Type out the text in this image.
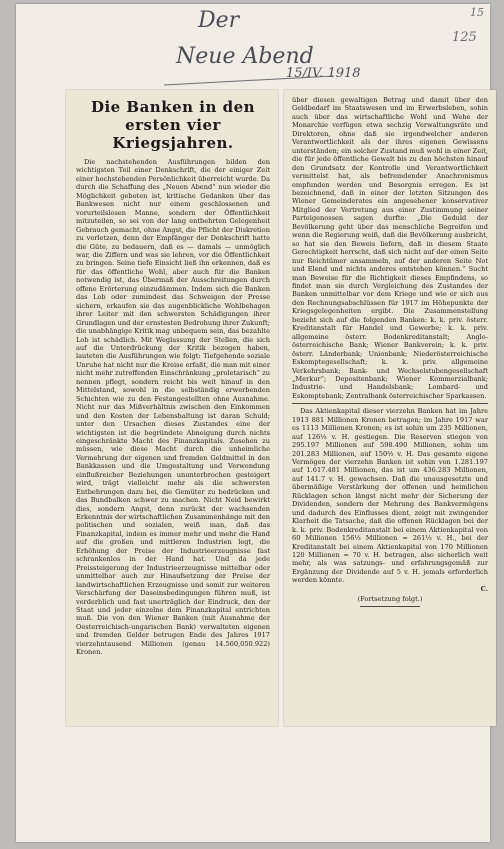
15
Der
125
Neue Abend
15/IV. 1918
Die Banken in den ersten vier Kriegsjahren.

Die nachstehenden Ausführungen bilden den wichtigsten Teil einer Denkschrift, die der einiger Zeit einer hochstehenden Persönlichkeit überreicht wurde. Da durch die Schaffung des „Neuen Abend“ nun wieder die Möglichkeit geboten ist, kritische Gedanken über das Bankwesen nicht nur einem geschlossenen und vorurteilslosen Manne, sondern der Öffentlichkeit mitzuteilen, so sei von der lang entbehrten Gelegenheit Gebrauch gemacht, ohne Angst, die Pflicht der Diskretion zu verletzen, denn der Empfänger der Denkschrift hatte die Güte, zu bedauern, daß es — damals — unmöglich war, die Ziffern und was sie lehren, vor die Öffentlichkeit zu bringen. Seine tiefe Einsicht ließ ihn erkennen, daß es für das öffentliche Wohl, aber auch für die Banken notwendig ist, das Übermaß der Ausschreitungen durch offene Erörterung einzudämmen. Indem sich die Banken das Lob oder zumindest das Schweigen der Presse sichern, erkaufen sie das augenblickliche Wohlbehagen ihrer Leiter mit den schwersten Schädigungen ihrer Grundlagen und der ernstesten Bedrohung ihrer Zukunft; die unabhängige Kritik mag unbequem sein, das bezahlte Lob ist schädlich. Mit Weglassung der Stellen, die sich auf die Unterdrückung der Kritik bezogen haben, lauteten die Ausführungen wie folgt: Tiefgehende soziale Unruhe hat nicht nur die Kreise erfaßt, die man mit einer nicht mehr zutreffenden Einschränkung „proletarisch“ zu nennen pflegt, sondern reicht bis weit hinauf in den Mittelstand, sowohl in die selbständig erwerbenden Schichten wie zu den Festangestellten ohne Ausnahme. Nicht nur das Mißverhältnis zwischen den Einkommen und den Kosten der Lebenshaltung ist daran Schuld; unter den Ursachen dieses Zustandes eine der wichtigsten ist die begründete Abneigung durch nichts eingeschränkte Macht des Finanzkapitals. Zusehen zu müssen, wie diese Macht durch die unheimliche Vermehrung der eigenen und fremden Geldmittel in den Bankkassen und die Umgestaltung und Verwendung einflußreicher Beziehungen ununterbrochen gesteigert wird, trägt vielleicht mehr als die schwersten Entbehrungen dazu bei, die Gemüter zu bedrücken und das Bundbalken schwer zu machen. Nicht Neid bewirkt dies, sondern Angst, denn zurückt der wachsenden Erkenntnis der wirtschaftlichen Zusammenhänge mit den politischen und sozialen, weiß man, daß das Finanzkapital, indem es immer mehr und mehr die Hand auf die großen und mittleren Industrien legt, die Erhöhung der Preise der Industrieerzeugnisse fast schrankenlos in der Hand hat. Und da jede Preissteigerung der Industrieerzeugnisse mittelbar oder unmittelbar auch zur Hinaufsetzung der Preise der landwirtschaftlichen Erzeugnisse und somit zur weiteren Verschärfung der Daseinsbedingungen führen muß, ist verderblich und fast unerträglich der Eindruck, den der Staat und jeder einzelne dem Finanzkapital entrichten muß. Die von den Wiener Banken (mit Ausnahme der Oesterreichisch-ungarischen Bank) verwalteten eigenen und fremden Gelder betrugen Ende des Jahres 1917 vierzehntausend Millionen (genau 14.560,050.922) Kronen.

über diesen gewaltigen Betrag und damit über den Geldbedarf im Staatswesen und im Erwerbsleben, sohin auch über das wirtschaftliche Wohl und Wehe der Monarchie verfügen etwa sechzig Verwaltungsräte und Direktoren, ohne daß sie irgendwelcher anderen Verantwortlichkeit als der ihres eigenen Gewissens unterständen; ein solcher Zustand muß wohl in einer Zeit, die für jede öffentliche Gewalt bis zu den höchsten hinauf den Grundsatz der Kontrolle und Verantwortlichkeit vermittelst hat, als befremdender Anachronismus empfunden werden und Besorgnis erregen. Es ist bezeichnend, daß in einer der letzten Sitzungen des Wiener Gemeinderates ein angesehener konservativer Mitglied der Vertretung aus einer Zustimmung seiner Parteigenossen sagen durfte: „Die Geduld der Bevölkerung geht über das menschliche Begreifen und wenn die Regierung weiß, daß die Bevölkerung ausbricht, so hat sie den Beweis liefern, daß in diesem Staate Gerechtigkeit herrscht, daß sich nicht auf der einen Seite nur Reichtümer ansammeln, auf der anderen Seite Not und Elend und nichts anderes entstehen können.“ Sucht man Beweise für die Richtigkeit dieses Empfindens, so findet man sie durch Vergleichung des Zustandes der Banken unmittelbar vor dem Kriege und wie er sich aus den Rechnungsabschlüssen für 1917 im Höhepunkte der Kriegsgelegenheiten ergibt. Die Zusammenstellung bezieht sich auf die folgenden Banken: k. k. priv. österr. Kreditanstalt für Handel und Gewerbe; k. k. priv. allgemeine österr. Bodenkreditanstalt; Anglo-österreichische Bank; Wiener Bankverein; k. k. priv. österr. Länderbank; Unionbank; Niederösterreichische Eskomptegesellschaft; k. k. priv. allgemeine Verkehrsbank; Bank- und Wechselstubengesellschaft „Merkur“; Depositenbank; Wiener Kommerzialbank; Industrie- und Handelsbank; Lombard- und Eskomptebank; Zentralbank österreichischer Sparkassen.

Das Aktienkapital dieser vierzehn Banken hat im Jahre 1913 881 Millionen Kronen betragen; im Jahre 1917 war es 1113 Millionen Kronen; es ist sohin um 235 Millionen, auf 126⅓ v. H. gestiegen. Die Reserven stiegen von 295.197 Millionen auf 598.490 Millionen, sohin um 201.283 Millionen, auf 150⅔ v. H. Das gesamte eigene Vermögen der vierzehn Banken ist sohin von 1.281.197 auf 1.617.481 Millionen, das ist um 436.283 Millionen, auf 141.7 v. H. gewachsen. Daß die unausgesetzte und übermäßige Verstärkung der offenen und heimlichen Rücklagen schon längst nicht mehr der Sicherung der Dividenden, sondern der Mehrung des Bankvermögens und dadurch des Einflusses dient, zeigt mit zwingender Klarheit die Tatsache, daß die offenen Rücklagen bei der k. k. priv. Bodenkreditanstalt bei einem Aktienkapital von 60 Millionen 156⅓ Millionen = 261⅓ v. H., bei der Kreditanstalt bei einem Aktienkapital von 170 Millionen 120 Millionen = 70 v. H. betragen, also sicherlich weit mehr, als was satzungs- und erfahrungsgemäß zur Ergänzung der Dividende auf 5 v. H. jemals erforderlich werden könnte.

C.
(Fortsetzung folgt.)
